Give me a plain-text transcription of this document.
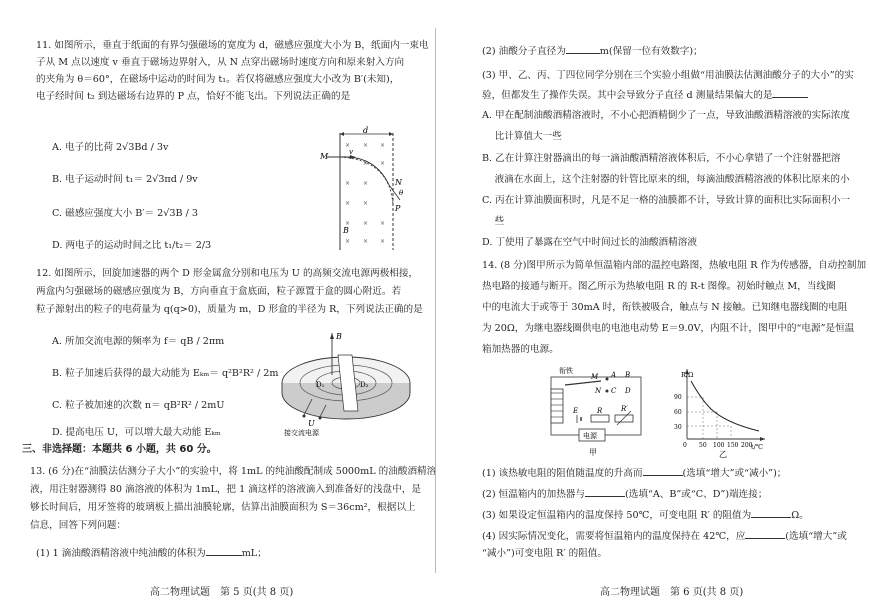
11. 如图所示，垂直于纸面的有界匀强磁场的宽度为 d，磁感应强度大小为 B，纸面内一束电
子从 M 点以速度 v 垂直于磁场边界射入，从 N 点穿出磁场时速度方向和原来射入方向
的夹角为 θ＝60°，在磁场中运动的时间为 t₁。若仅将磁感应强度大小改为 B′(未知)，
电子经时间 t₂ 到达磁场右边界的 P 点，恰好不能飞出。下列说法正确的是
A. 电子的比荷 2√3Bd / 3v
B. 电子运动时间 t₁＝ 2√3πd / 9v
C. 磁感应强度大小 B′＝ 2√3B / 3
D. 两电子的运动时间之比 t₁/t₂＝ 2/3
d
× × ×
× ×
× ×
× ×
× × ×
× × ×
M	v
N
θ
P
B
12. 如图所示，回旋加速器的两个 D 形金属盒分别和电压为 U 的高频交流电源两极相接，
两盒内匀强磁场的磁感应强度为 B，方向垂直于盒底面，粒子源置于盒的圆心附近。若
粒子源射出的粒子的电荷量为 q(q>0)，质量为 m，D 形盒的半径为 R，下列说法正确的是
A. 所加交流电源的频率为 f＝ qB / 2πm
B. 粒子加速后获得的最大动能为 Eₖₘ＝ q²B²R² / 2m
C. 粒子被加速的次数 n＝ qB²R² / 2mU
D. 提高电压 U，可以增大最大动能 Eₖₘ
B
D₁	D₂
U
接交流电源
三、非选择题：本题共 6 小题，共 60 分。
13. (6 分)在“油膜法估测分子大小”的实验中，将 1mL 的纯油酸配制成 5000mL 的油酸酒精溶
液，用注射器测得 80 滴溶液的体积为 1mL，把 1 滴这样的溶液滴入到准备好的浅盘中，是
够长时间后，用牙签将的玻璃板上描出油膜轮廓，估算出油膜面积为 S＝36cm²，根据以上
信息，回答下列问题：
(1) 1 滴油酸酒精溶液中纯油酸的体积为	mL；
高二物理试题　第 5 页(共 8 页)
(2) 油酸分子直径为	m(保留一位有效数字)；
(3) 甲、乙、丙、丁四位同学分别在三个实验小组做“用油膜法估测油酸分子的大小”的实
验，但都发生了操作失误。其中会导致分子直径 d 测量结果偏大的是
A. 甲在配制油酸酒精溶液时，不小心把酒精倒少了一点，导致油酸酒精溶液的实际浓度
　 比计算值大一些
B. 乙在计算注射器滴出的每一滴油酸酒精溶液体积后，不小心拿错了一个注射器把溶
　 液滴在水面上，这个注射器的针管比原来的细，每滴油酸酒精溶液的体积比原来的小
C. 丙在计算油膜面积时，凡是不足一格的油膜都不计，导致计算的面积比实际面积小一
　 些
D. 丁使用了暴露在空气中时间过长的油酸酒精溶液
14. (8 分)图甲所示为简单恒温箱内部的温控电路图，热敏电阻 R 作为传感器，自动控制加
热电路的接通与断开。图乙所示为热敏电阻 R 的 R-t 图像。初始时触点 M，当线圈
中的电流大于或等于 30mA 时，衔铁被吸合，触点与 N 接触。已知继电器线圈的电阻
为 20Ω，为继电器线圈供电的电池电动势 E＝9.0V，内阻不计，图甲中的“电源”是恒温
箱加热器的电源。
衔铁
M
N
A B
C D
E	R	R′
电源
甲
R/Ω
t/℃
90
60
30
0 50 100 150 200
乙
(1) 该热敏电阻的阻值随温度的升高而	(选填“增大”或“减小”)；
(2) 恒温箱内的加热器与	(选填“A、B”或“C、D”)端连接；
(3) 如果设定恒温箱内的温度保持 50℃，可变电阻 R′ 的阻值为	Ω。
(4) 因实际情况变化，需要将恒温箱内的温度保持在 42℃，应	(选填“增大”或
“减小”)可变电阻 R′ 的阻值。
高二物理试题　第 6 页(共 8 页)
